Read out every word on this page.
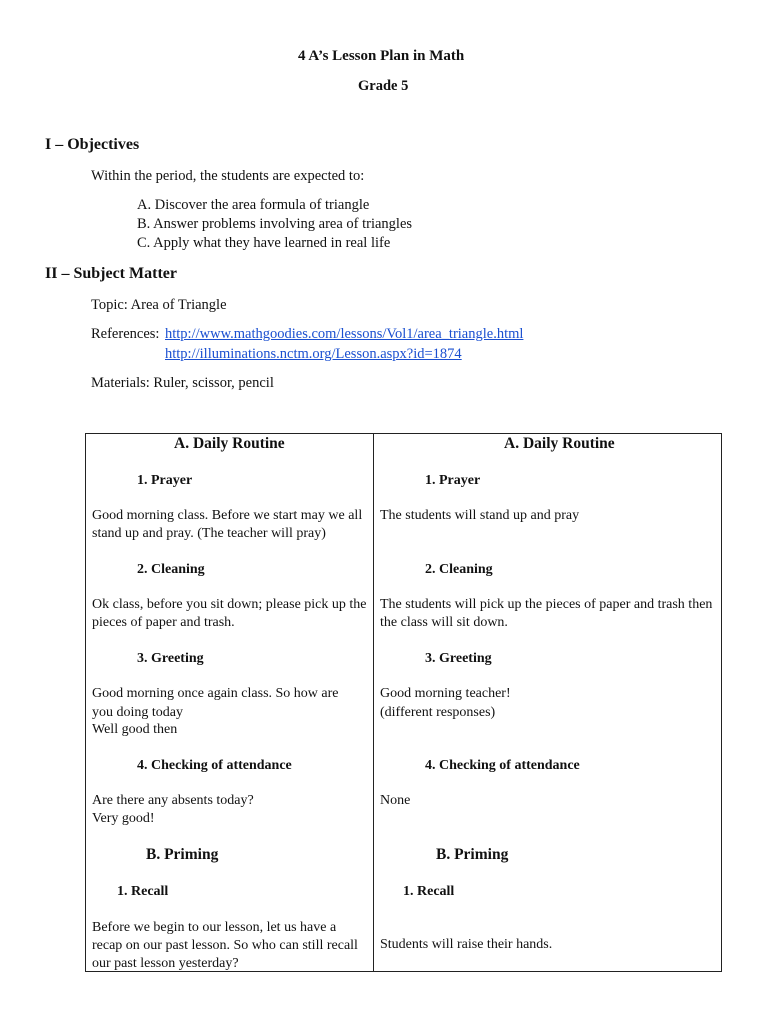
4 A’s Lesson Plan in Math
Grade 5
I – Objectives
Within the period, the students are expected to:
A. Discover the area formula of triangle
B. Answer problems involving area of triangles
C. Apply what they have learned in real life
II – Subject Matter
Topic: Area of Triangle
References: http://www.mathgoodies.com/lessons/Vol1/area_triangle.html
http://illuminations.nctm.org/Lesson.aspx?id=1874
Materials: Ruler, scissor, pencil
A. Daily Routine
1. Prayer
Good morning class. Before we start may we all stand up and pray. (The teacher will pray)
2. Cleaning
Ok class, before you sit down; please pick up the pieces of paper and trash.
3. Greeting
Good morning once again class. So how are
you doing today
Well good then
4. Checking of attendance
Are there any absents today?
Very good!
B. Priming
1. Recall
Before we begin to our lesson, let us have a recap on our past lesson. So who can still recall our past lesson yesterday?
A. Daily Routine
1. Prayer
The students will stand up and pray
2. Cleaning
The students will pick up the pieces of paper and trash then the class will sit down.
3. Greeting
Good morning teacher!
(different responses)
4. Checking of attendance
None
B. Priming
1. Recall
Students will raise their hands.
